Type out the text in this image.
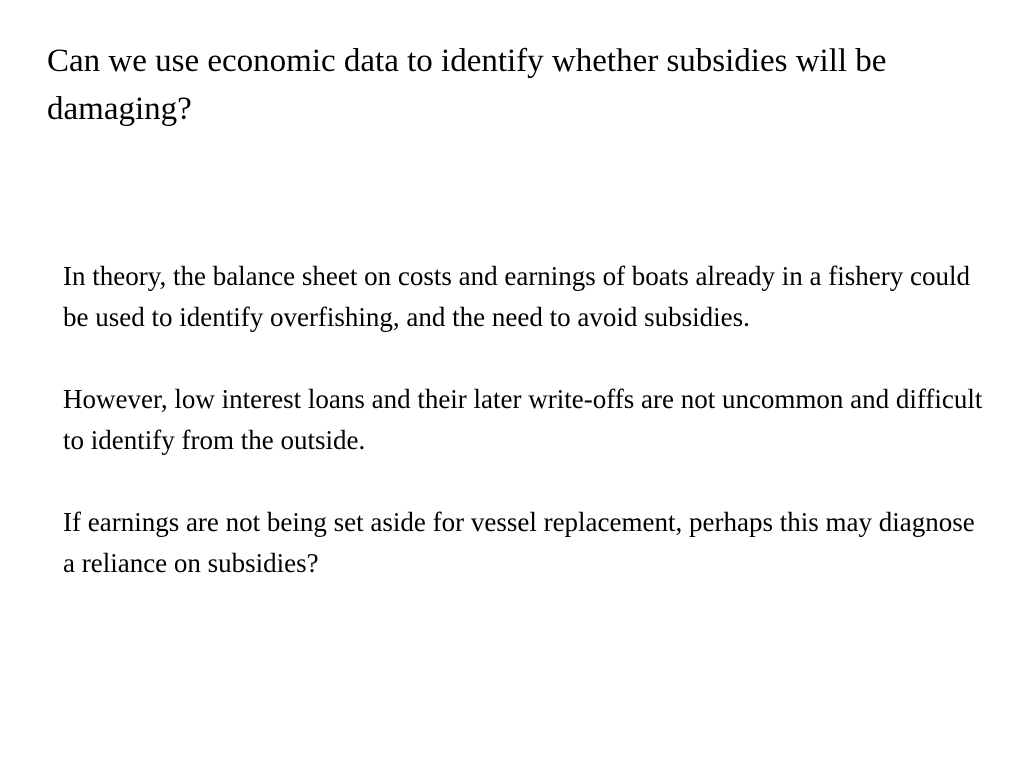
Can we use economic data to identify whether subsidies will be damaging?

In theory, the balance sheet on costs and earnings of boats already in a fishery could be used to identify overfishing, and the need to avoid subsidies.

However, low interest loans and their later write-offs are not uncommon and difficult to identify from the outside.

If earnings are not being set aside for vessel replacement, perhaps this may diagnose a reliance on subsidies?
